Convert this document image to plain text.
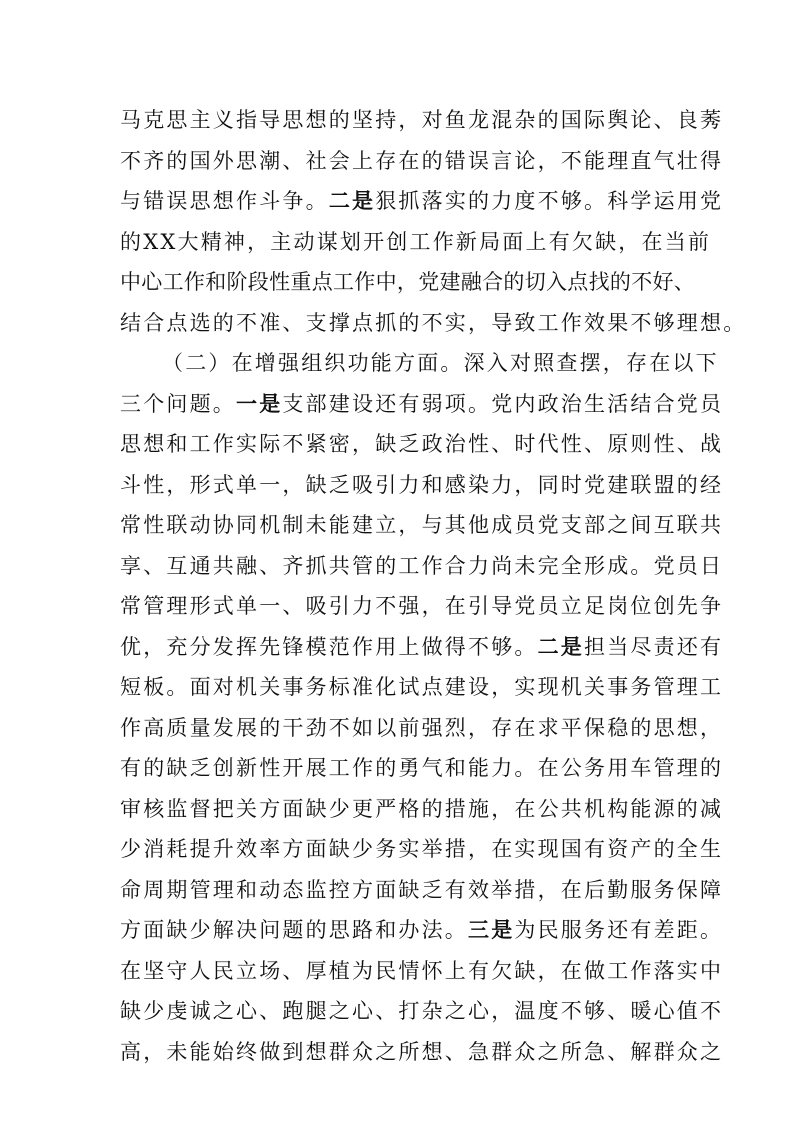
马克思主义指导思想的坚持，对鱼龙混杂的国际舆论、良莠
不齐的国外思潮、社会上存在的错误言论，不能理直气壮得
与错误思想作斗争。二是狠抓落实的力度不够。科学运用党
的XX大精神，主动谋划开创工作新局面上有欠缺，在当前
中心工作和阶段性重点工作中，党建融合的切入点找的不好、
结合点选的不准、支撑点抓的不实，导致工作效果不够理想。
（二）在增强组织功能方面。深入对照查摆，存在以下
三个问题。一是支部建设还有弱项。党内政治生活结合党员
思想和工作实际不紧密，缺乏政治性、时代性、原则性、战
斗性，形式单一，缺乏吸引力和感染力，同时党建联盟的经
常性联动协同机制未能建立，与其他成员党支部之间互联共
享、互通共融、齐抓共管的工作合力尚未完全形成。党员日
常管理形式单一、吸引力不强，在引导党员立足岗位创先争
优，充分发挥先锋模范作用上做得不够。二是担当尽责还有
短板。面对机关事务标准化试点建设，实现机关事务管理工
作高质量发展的干劲不如以前强烈，存在求平保稳的思想，
有的缺乏创新性开展工作的勇气和能力。在公务用车管理的
审核监督把关方面缺少更严格的措施，在公共机构能源的减
少消耗提升效率方面缺少务实举措，在实现国有资产的全生
命周期管理和动态监控方面缺乏有效举措，在后勤服务保障
方面缺少解决问题的思路和办法。三是为民服务还有差距。
在坚守人民立场、厚植为民情怀上有欠缺，在做工作落实中
缺少虔诚之心、跑腿之心、打杂之心，温度不够、暖心值不
高，未能始终做到想群众之所想、急群众之所急、解群众之
